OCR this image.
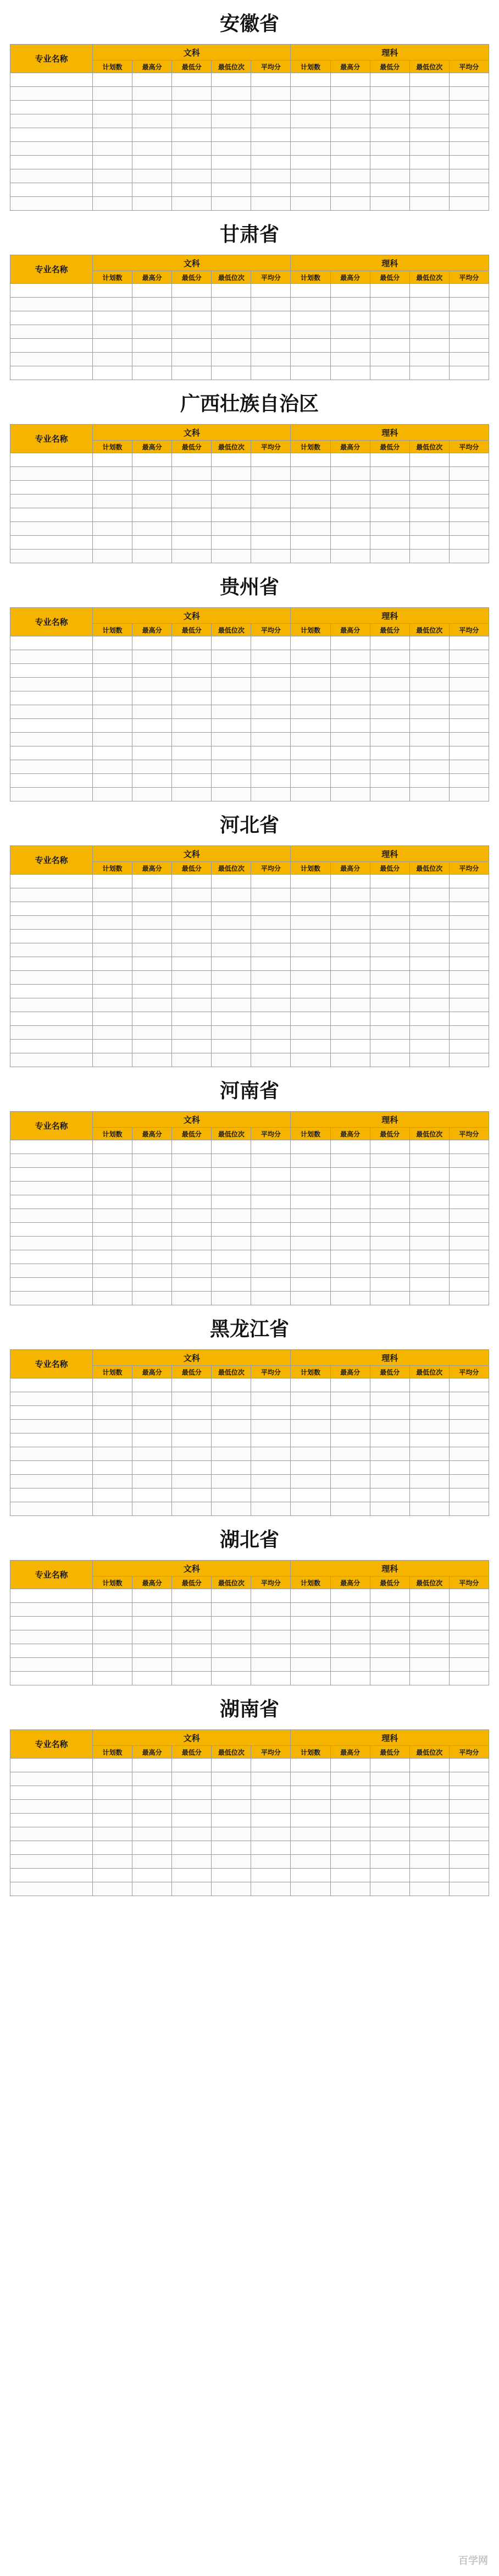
安徽省
专业名称	文科					理科				
	计划数	最高分	最低分	最低位次	平均分	计划数	最高分	最低分	最低位次	平均分

甘肃省
专业名称	文科					理科				
	计划数	最高分	最低分	最低位次	平均分	计划数	最高分	最低分	最低位次	平均分

广西壮族自治区
专业名称	文科					理科				
	计划数	最高分	最低分	最低位次	平均分	计划数	最高分	最低分	最低位次	平均分

贵州省
专业名称	文科					理科				
	计划数	最高分	最低分	最低位次	平均分	计划数	最高分	最低分	最低位次	平均分

河北省
专业名称	文科					理科				
	计划数	最高分	最低分	最低位次	平均分	计划数	最高分	最低分	最低位次	平均分

河南省
专业名称	文科					理科				
	计划数	最高分	最低分	最低位次	平均分	计划数	最高分	最低分	最低位次	平均分

黑龙江省
专业名称	文科					理科				
	计划数	最高分	最低分	最低位次	平均分	计划数	最高分	最低分	最低位次	平均分

湖北省
专业名称	文科					理科				
	计划数	最高分	最低分	最低位次	平均分	计划数	最高分	最低分	最低位次	平均分

湖南省
专业名称	文科					理科				
	计划数	最高分	最低分	最低位次	平均分	计划数	最高分	最低分	最低位次	平均分

百学网
